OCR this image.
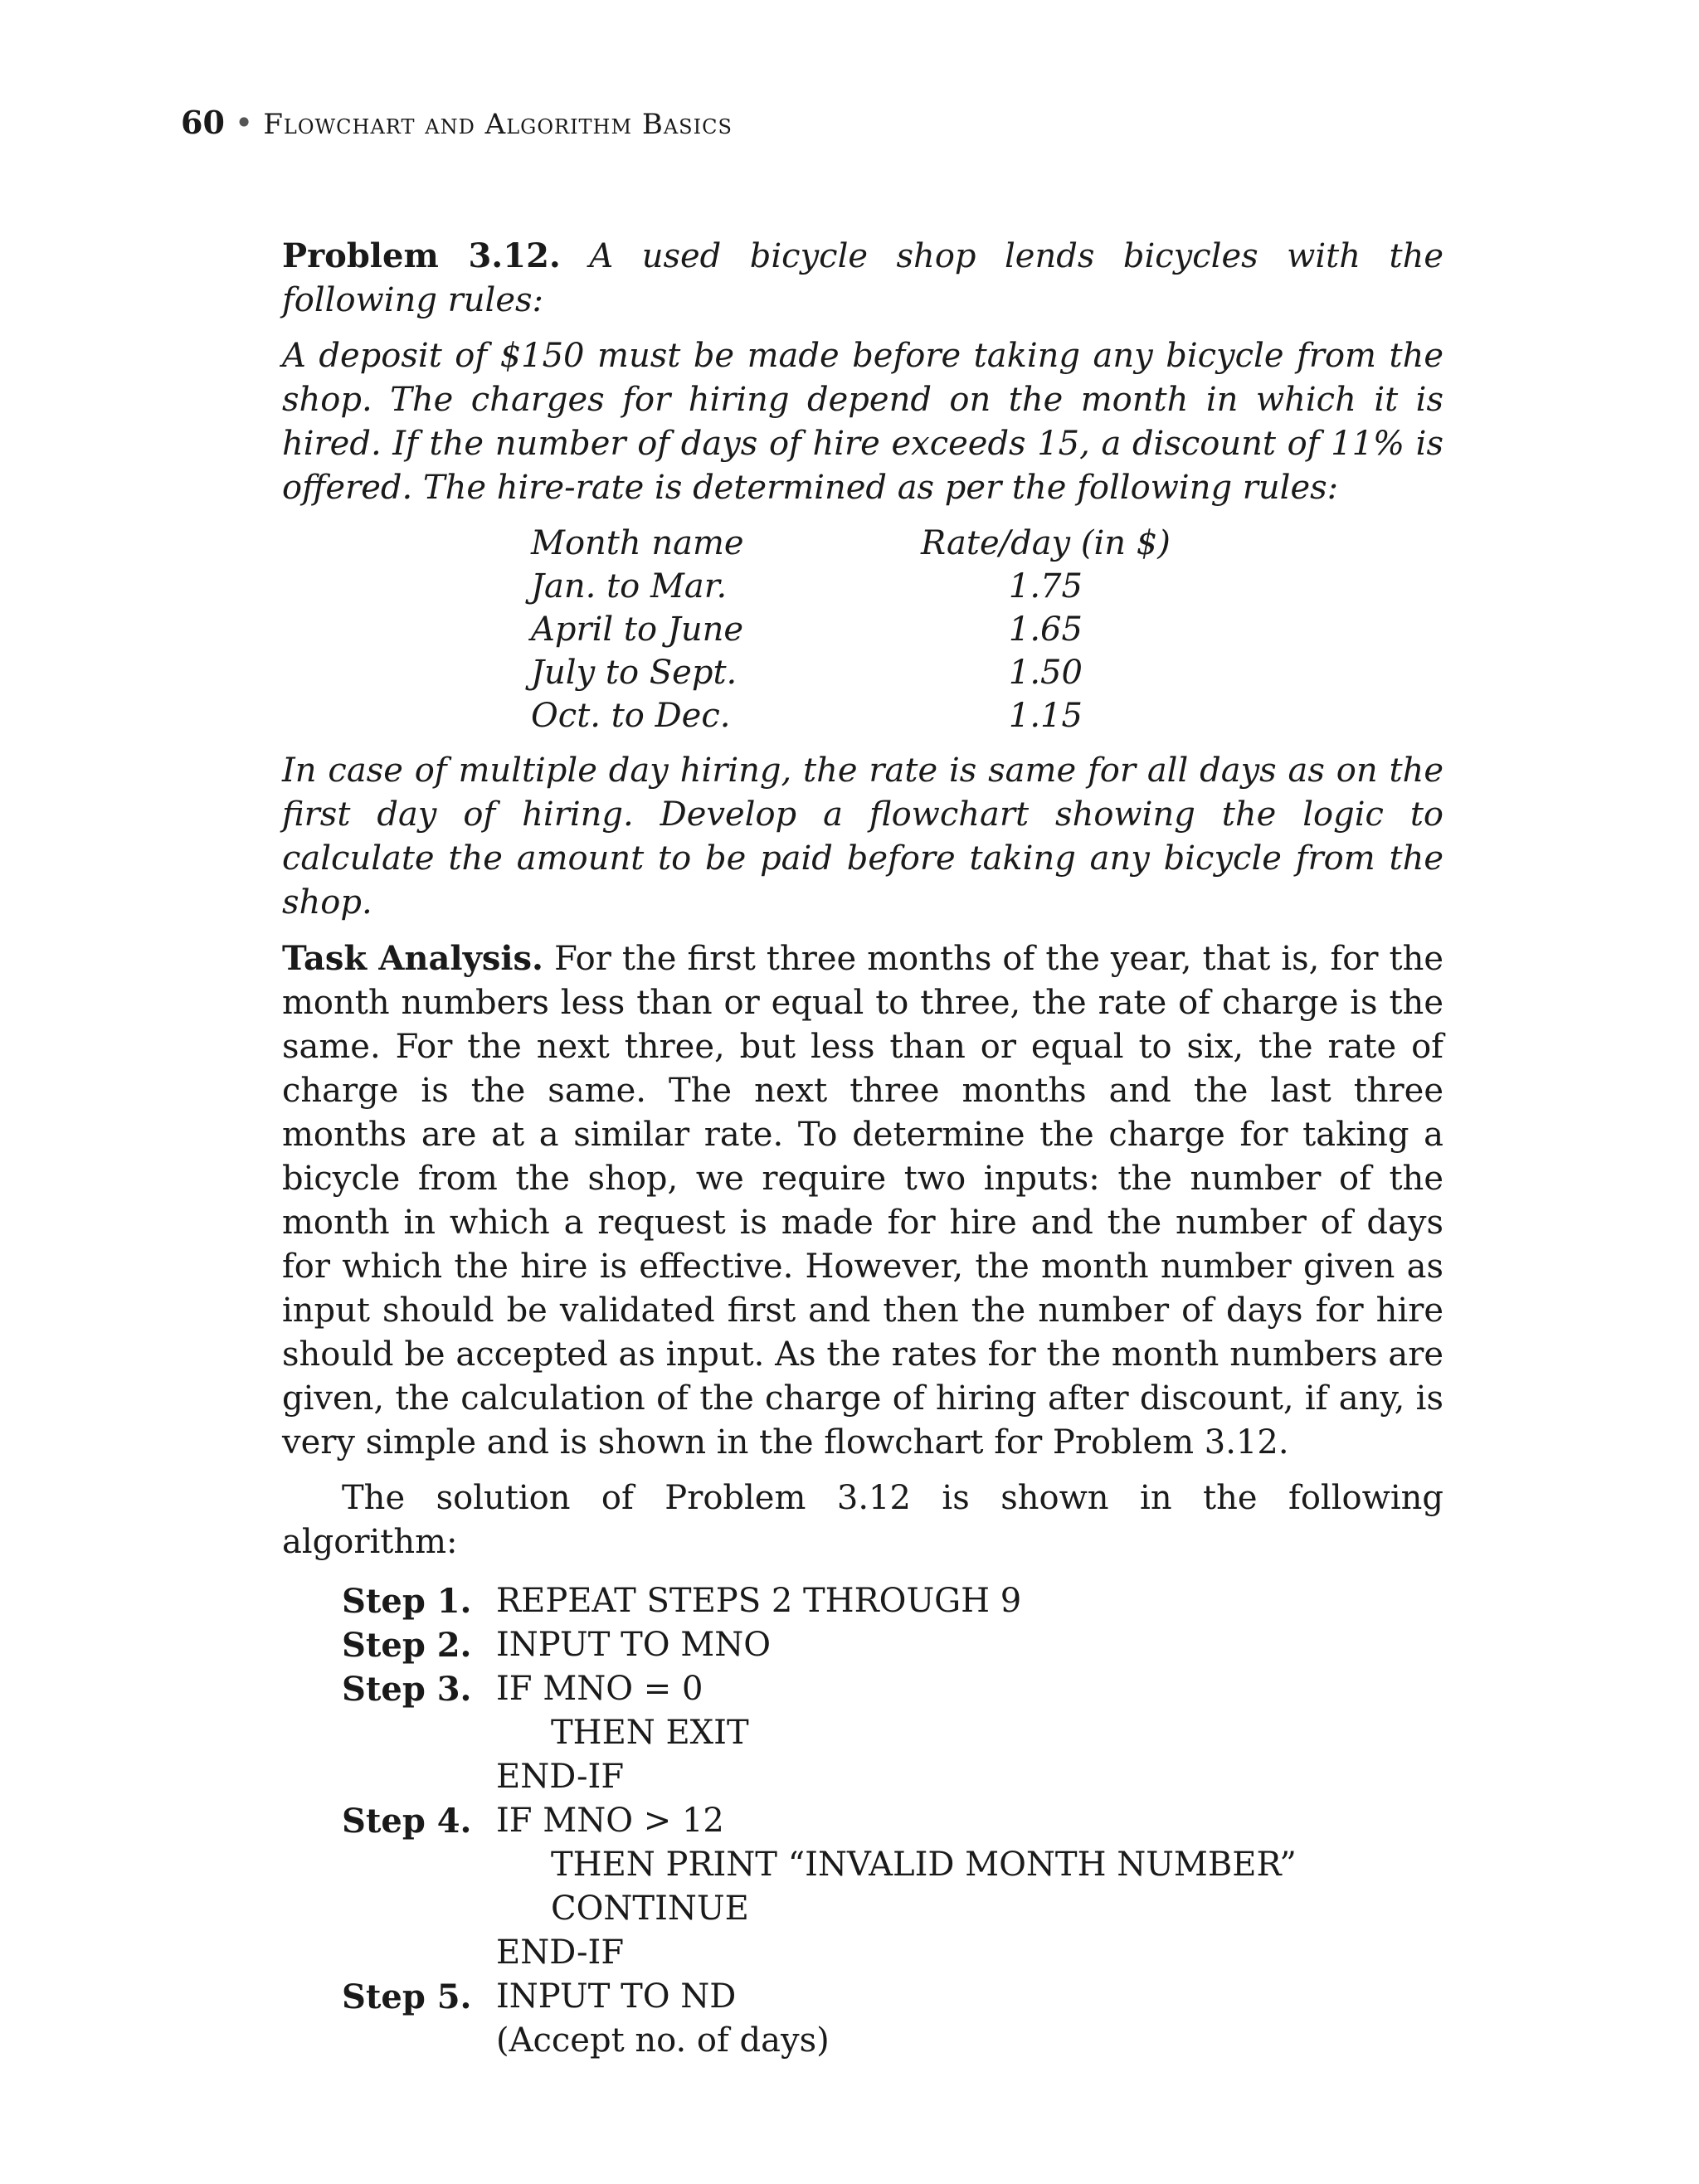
60 • Flowchart and Algorithm Basics

Problem 3.12. A used bicycle shop lends bicycles with the following rules:

A deposit of $150 must be made before taking any bicycle from the shop. The charges for hiring depend on the month in which it is hired. If the number of days of hire exceeds 15, a discount of 11% is offered. The hire-rate is determined as per the following rules:

Month name	Rate/day (in $)
Jan. to Mar.	1.75
April to June	1.65
July to Sept.	1.50
Oct. to Dec.	1.15

In case of multiple day hiring, the rate is same for all days as on the first day of hiring. Develop a flowchart showing the logic to calculate the amount to be paid before taking any bicycle from the shop.

Task Analysis. For the first three months of the year, that is, for the month numbers less than or equal to three, the rate of charge is the same. For the next three, but less than or equal to six, the rate of charge is the same. The next three months and the last three months are at a similar rate. To determine the charge for taking a bicycle from the shop, we require two inputs: the number of the month in which a request is made for hire and the number of days for which the hire is effective. However, the month number given as input should be validated first and then the number of days for hire should be accepted as input. As the rates for the month numbers are given, the calculation of the charge of hiring after discount, if any, is very simple and is shown in the flowchart for Problem 3.12.

The solution of Problem 3.12 is shown in the following algorithm:

Step 1.	REPEAT STEPS 2 THROUGH 9

Step 2.	INPUT TO MNO

Step 3.	IF MNO = 0
THEN EXIT
END-IF

Step 4.	IF MNO > 12
THEN PRINT “INVALID MONTH NUMBER”
CONTINUE
END-IF

Step 5.	INPUT TO ND
(Accept no. of days)
